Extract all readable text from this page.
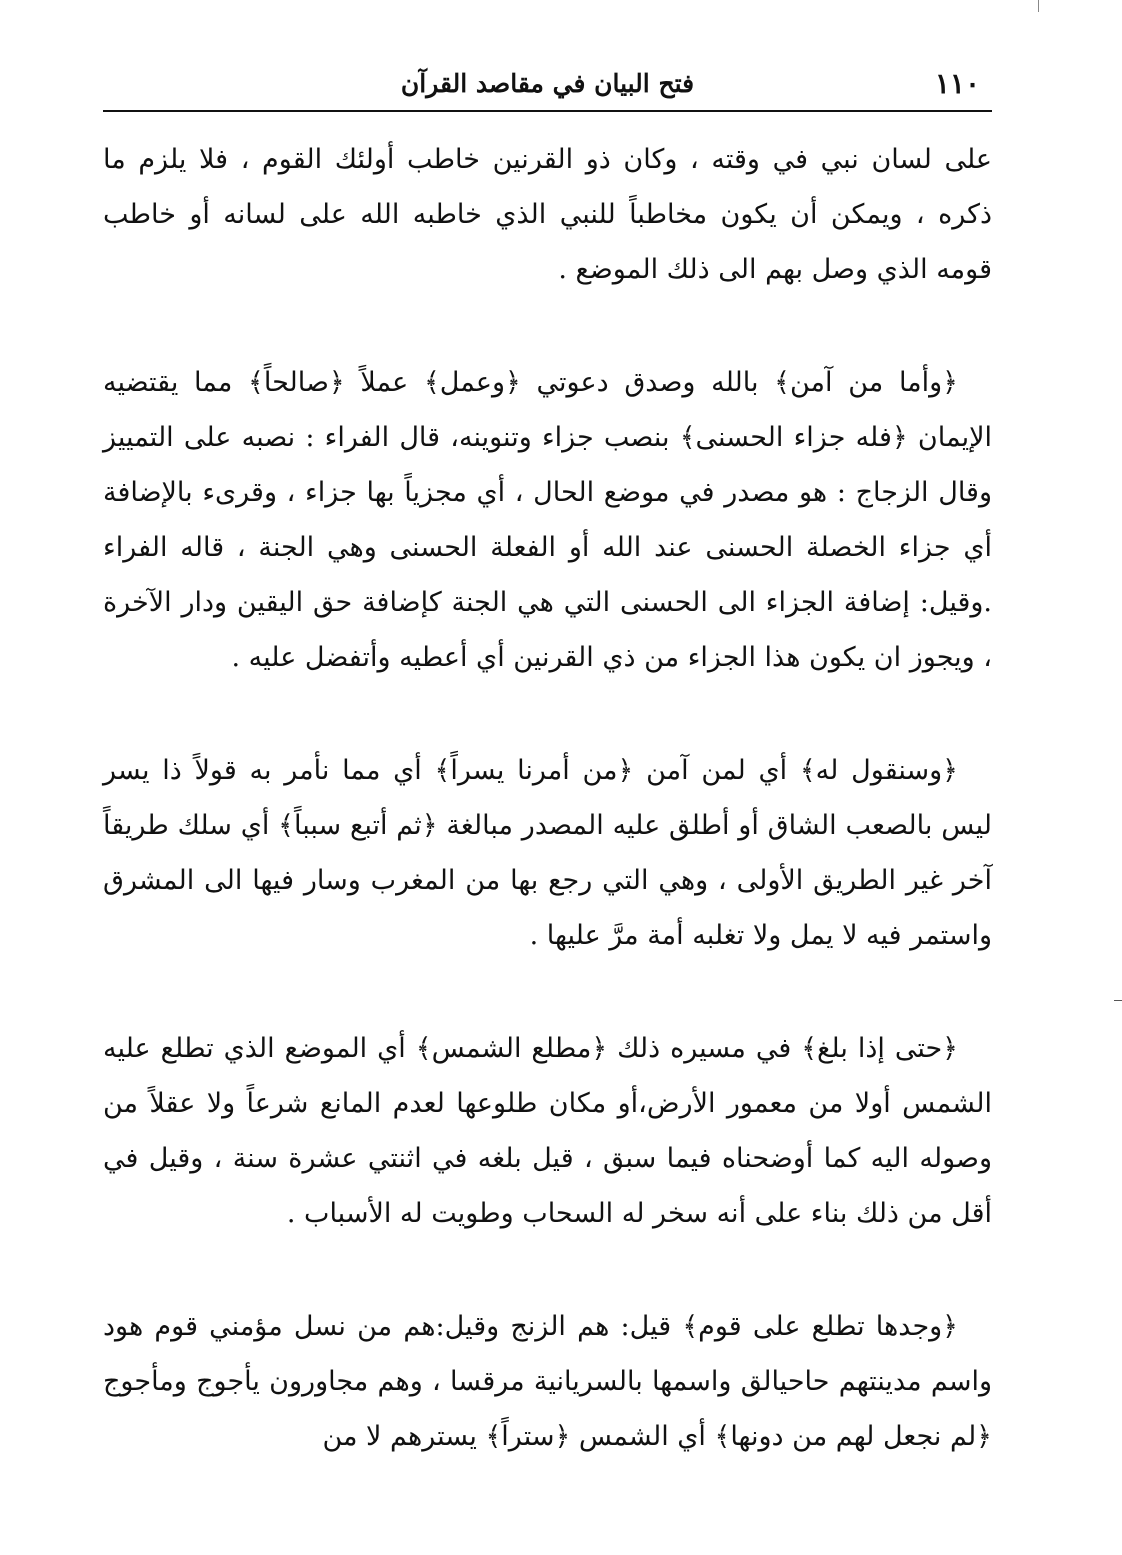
١١٠
فتح البيان في مقاصد القرآن

على لسان نبي في وقته ، وكان ذو القرنين خاطب أولئك القوم ، فلا يلزم ما ذكره ، ويمكن أن يكون مخاطباً للنبي الذي خاطبه الله على لسانه أو خاطب قومه الذي وصل بهم الى ذلك الموضع .

﴿وأما من آمن﴾ بالله وصدق دعوتي ﴿وعمل﴾ عملاً ﴿صالحاً﴾ مما يقتضيه الإيمان ﴿فله جزاء الحسنى﴾ بنصب جزاء وتنوينه، قال الفراء : نصبه على التمييز وقال الزجاج : هو مصدر في موضع الحال ، أي مجزياً بها جزاء ، وقرىء بالإضافة أي جزاء الخصلة الحسنى عند الله أو الفعلة الحسنى وهي الجنة ، قاله الفراء .وقيل: إضافة الجزاء الى الحسنى التي هي الجنة كإضافة حق اليقين ودار الآخرة ، ويجوز ان يكون هذا الجزاء من ذي القرنين أي أعطيه وأتفضل عليه .

﴿وسنقول له﴾ أي لمن آمن ﴿من أمرنا يسراً﴾ أي مما نأمر به قولاً ذا يسر ليس بالصعب الشاق أو أطلق عليه المصدر مبالغة ﴿ثم أتبع سبباً﴾ أي سلك طريقاً آخر غير الطريق الأولى ، وهي التي رجع بها من المغرب وسار فيها الى المشرق واستمر فيه لا يمل ولا تغلبه أمة مرَّ عليها .

﴿حتى إذا بلغ﴾ في مسيره ذلك ﴿مطلع الشمس﴾ أي الموضع الذي تطلع عليه الشمس أولا من معمور الأرض،أو مكان طلوعها لعدم المانع شرعاً ولا عقلاً من وصوله اليه كما أوضحناه فيما سبق ، قيل بلغه في اثنتي عشرة سنة ، وقيل في أقل من ذلك بناء على أنه سخر له السحاب وطويت له الأسباب .

﴿وجدها تطلع على قوم﴾ قيل: هم الزنج وقيل:هم من نسل مؤمني قوم هود واسم مدينتهم حاحيالق واسمها بالسريانية مرقسا ، وهم مجاورون يأجوج ومأجوج ﴿لم نجعل لهم من دونها﴾ أي الشمس ﴿ستراً﴾ يسترهم لا من
